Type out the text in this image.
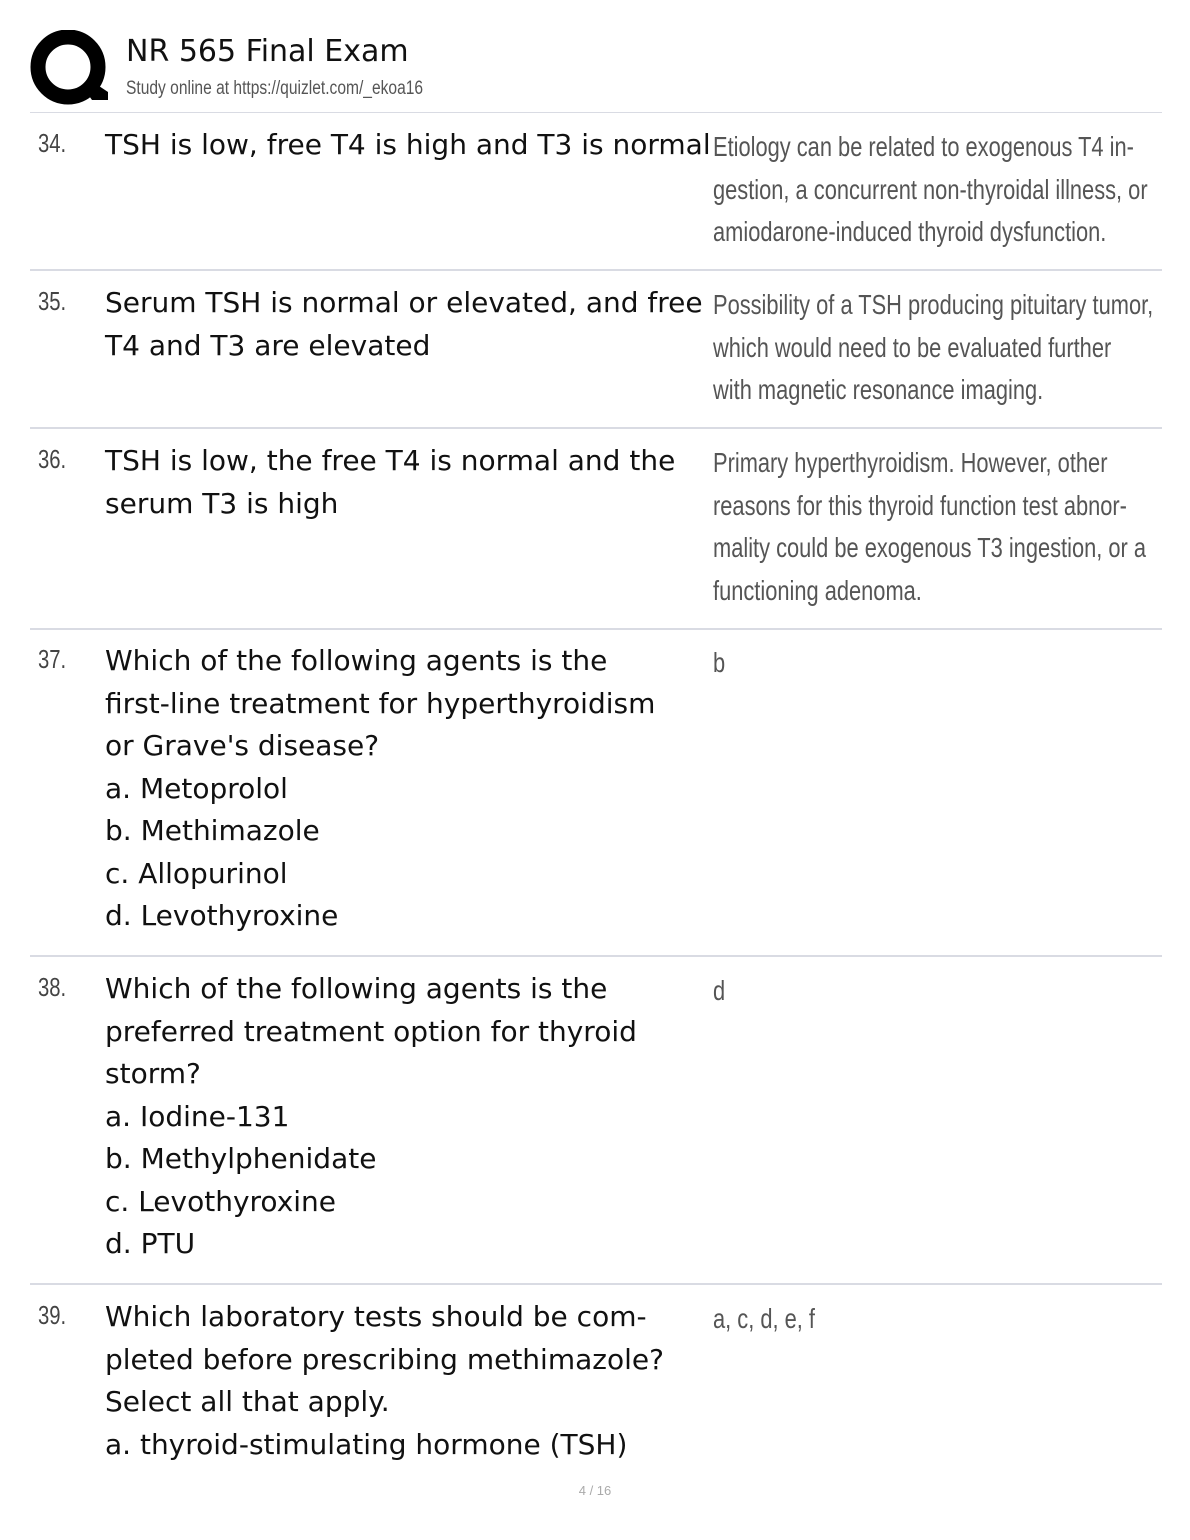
NR 565 Final Exam
Study online at https://quizlet.com/_ekoa16
34. TSH is low, free T4 is high and T3 is normal Etiology can be related to exogenous T4 in-
gestion, a concurrent non-thyroidal illness, or
amiodarone-induced thyroid dysfunction.
35. Serum TSH is normal or elevated, and free
T4 and T3 are elevated
Possibility of a TSH producing pituitary tumor,
which would need to be evaluated further
with magnetic resonance imaging.
36. TSH is low, the free T4 is normal and the
serum T3 is high
Primary hyperthyroidism. However, other
reasons for this thyroid function test abnor-
mality could be exogenous T3 ingestion, or a
functioning adenoma.
37. Which of the following agents is the
first-line treatment for hyperthyroidism
or Grave's disease?
a. Metoprolol
b. Methimazole
c. Allopurinol
d. Levothyroxine
b
38. Which of the following agents is the
preferred treatment option for thyroid
storm?
a. Iodine-131
b. Methylphenidate
c. Levothyroxine
d. PTU
d
39. Which laboratory tests should be com-
pleted before prescribing methimazole?
Select all that apply.
a. thyroid-stimulating hormone (TSH)
a, c, d, e, f
4 / 16
